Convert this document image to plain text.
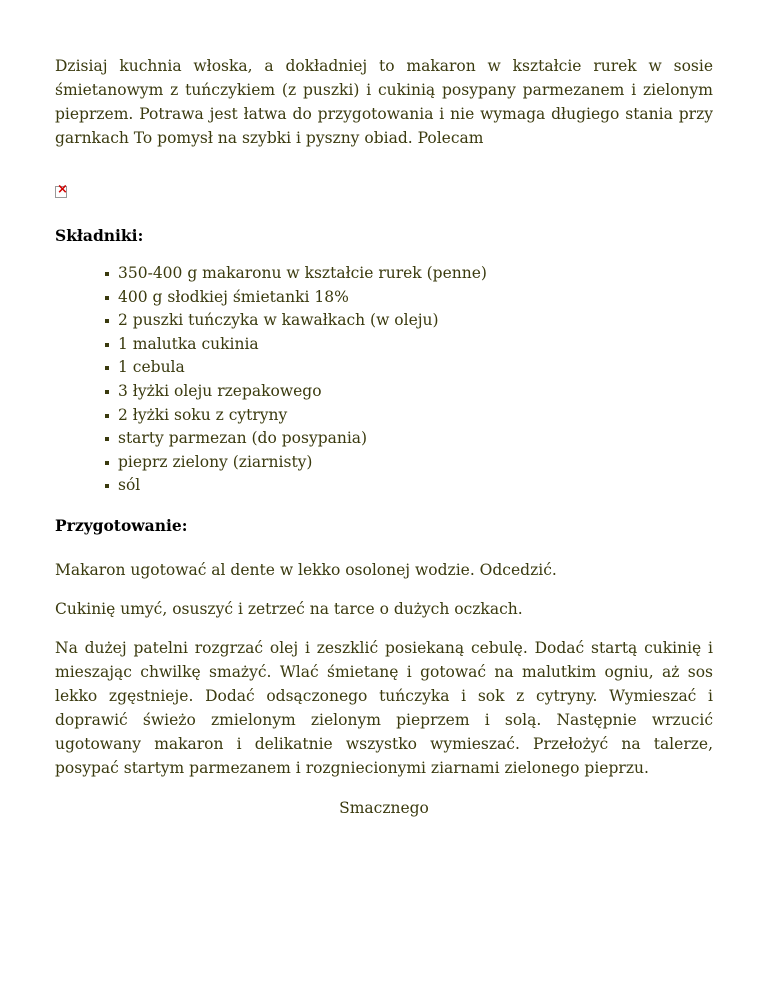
Dzisiaj kuchnia włoska, a dokładniej to makaron w kształcie rurek w sosie śmietanowym z tuńczykiem (z puszki) i cukinią posypany parmezanem i zielonym pieprzem. Potrawa jest łatwa do przygotowania i nie wymaga długiego stania przy garnkach To pomysł na szybki i pyszny obiad. Polecam

×
Składniki:
350-400 g makaronu w kształcie rurek (penne)
400 g słodkiej śmietanki 18%
2 puszki tuńczyka w kawałkach (w oleju)
1 malutka cukinia
1 cebula
3 łyżki oleju rzepakowego
2 łyżki soku z cytryny
starty parmezan (do posypania)
pieprz zielony (ziarnisty)
sól
Przygotowanie:

Makaron ugotować al dente w lekko osolonej wodzie. Odcedzić.

Cukinię umyć, osuszyć i zetrzeć na tarce o dużych oczkach.

Na dużej patelni rozgrzać olej i zeszklić posiekaną cebulę. Dodać startą cukinię i mieszając chwilkę smażyć. Wlać śmietanę i gotować na malutkim ogniu, aż sos lekko zgęstnieje. Dodać odsączonego tuńczyka i sok z cytryny. Wymieszać i doprawić świeżo zmielonym zielonym pieprzem i solą. Następnie wrzucić ugotowany makaron i delikatnie wszystko wymieszać. Przełożyć na talerze, posypać startym parmezanem i rozgniecionymi ziarnami zielonego pieprzu.

Smacznego
